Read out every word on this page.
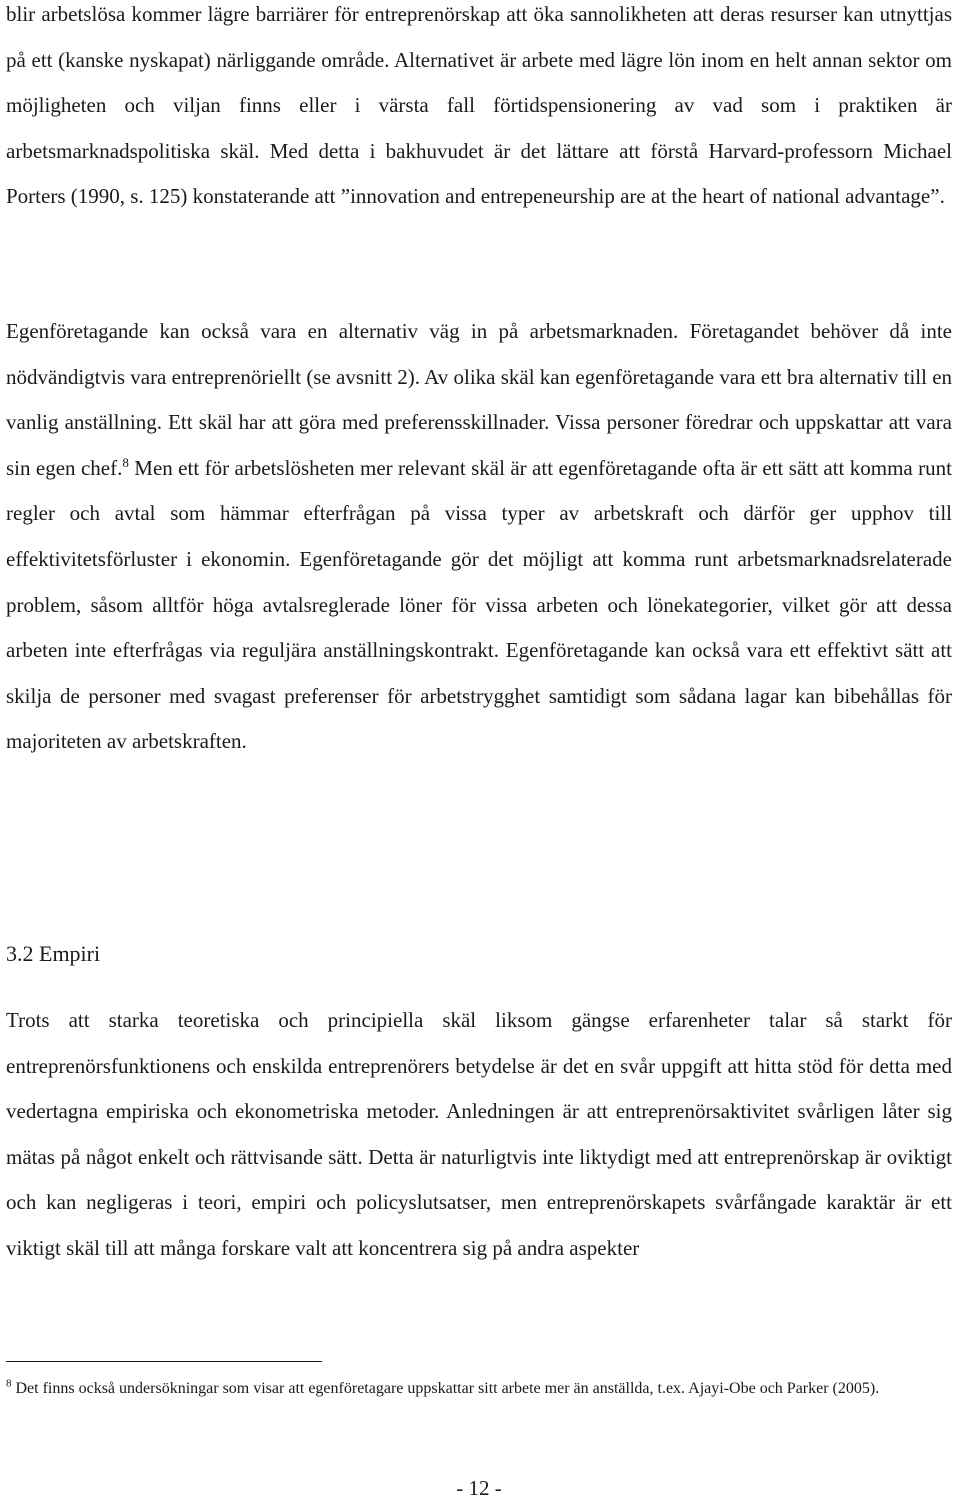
blir arbetslösa kommer lägre barriärer för entreprenörskap att öka sannolikheten att deras resurser kan utnyttjas på ett (kanske nyskapat) närliggande område. Alternativet är arbete med lägre lön inom en helt annan sektor om möjligheten och viljan finns eller i värsta fall förtidspensionering av vad som i praktiken är arbetsmarknadspolitiska skäl. Med detta i bakhuvudet är det lättare att förstå Harvard-professorn Michael Porters (1990, s. 125) konstaterande att ”innovation and entrepeneurship are at the heart of national advantage”.

Egenföretagande kan också vara en alternativ väg in på arbetsmarknaden. Företagandet behöver då inte nödvändigtvis vara entreprenöriellt (se avsnitt 2). Av olika skäl kan egenföretagande vara ett bra alternativ till en vanlig anställning. Ett skäl har att göra med preferensskillnader. Vissa personer föredrar och uppskattar att vara sin egen chef.$^8$ Men ett för arbetslösheten mer relevant skäl är att egenföretagande ofta är ett sätt att komma runt regler och avtal som hämmar efterfrågan på vissa typer av arbetskraft och därför ger upphov till effektivitetsförluster i ekonomin. Egenföretagande gör det möjligt att komma runt arbetsmarknadsrelaterade problem, såsom alltför höga avtalsreglerade löner för vissa arbeten och lönekategorier, vilket gör att dessa arbeten inte efterfrågas via reguljära anställningskontrakt. Egenföretagande kan också vara ett effektivt sätt att skilja de personer med svagast preferenser för arbetstrygghet samtidigt som sådana lagar kan bibehållas för majoriteten av arbetskraften.

3.2 Empiri

Trots att starka teoretiska och principiella skäl liksom gängse erfarenheter talar så starkt för entreprenörsfunktionens och enskilda entreprenörers betydelse är det en svår uppgift att hitta stöd för detta med vedertagna empiriska och ekonometriska metoder. Anledningen är att entreprenörsaktivitet svårligen låter sig mätas på något enkelt och rättvisande sätt. Detta är naturligtvis inte liktydigt med att entreprenörskap är oviktigt och kan negligeras i teori, empiri och policyslutsatser, men entreprenörskapets svårfångade karaktär är ett viktigt skäl till att många forskare valt att koncentrera sig på andra aspekter

$^8$ Det finns också undersökningar som visar att egenföretagare uppskattar sitt arbete mer än anställda, t.ex. Ajayi-Obe och Parker (2005).

- 12 -
